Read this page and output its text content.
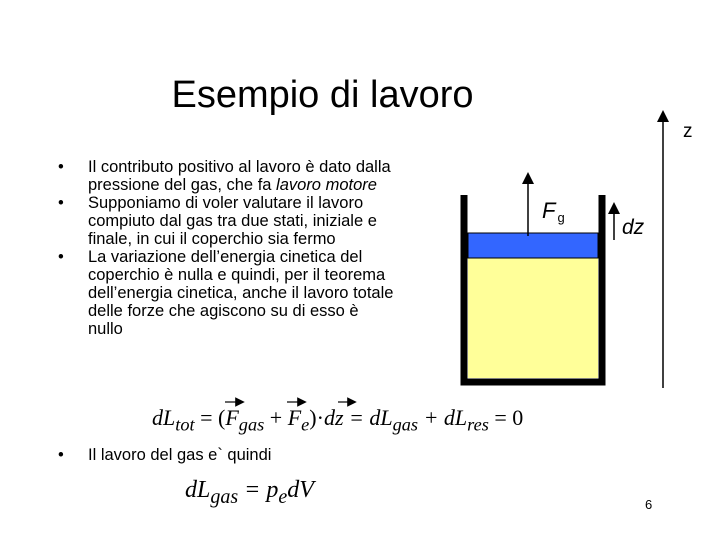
Esempio di lavoro
• Il contributo positivo al lavoro è dato dalla pressione del gas, che fa lavoro motore
• Supponiamo di voler valutare il lavoro compiuto dal gas tra due stati, iniziale e finale, in cui il coperchio sia fermo
• La variazione dell’energia cinetica del coperchio è nulla e quindi, per il teorema dell’energia cinetica, anche il lavoro totale delle forze che agiscono su di esso è nullo
$dL_{tot} = (F_{gas} + F_e)\cdot dz = dL_{gas} + dL_{res} = 0$
• Il lavoro del gas e` quindi
$dL_{gas} = p_edV$
z
F $_g$	dz
6
